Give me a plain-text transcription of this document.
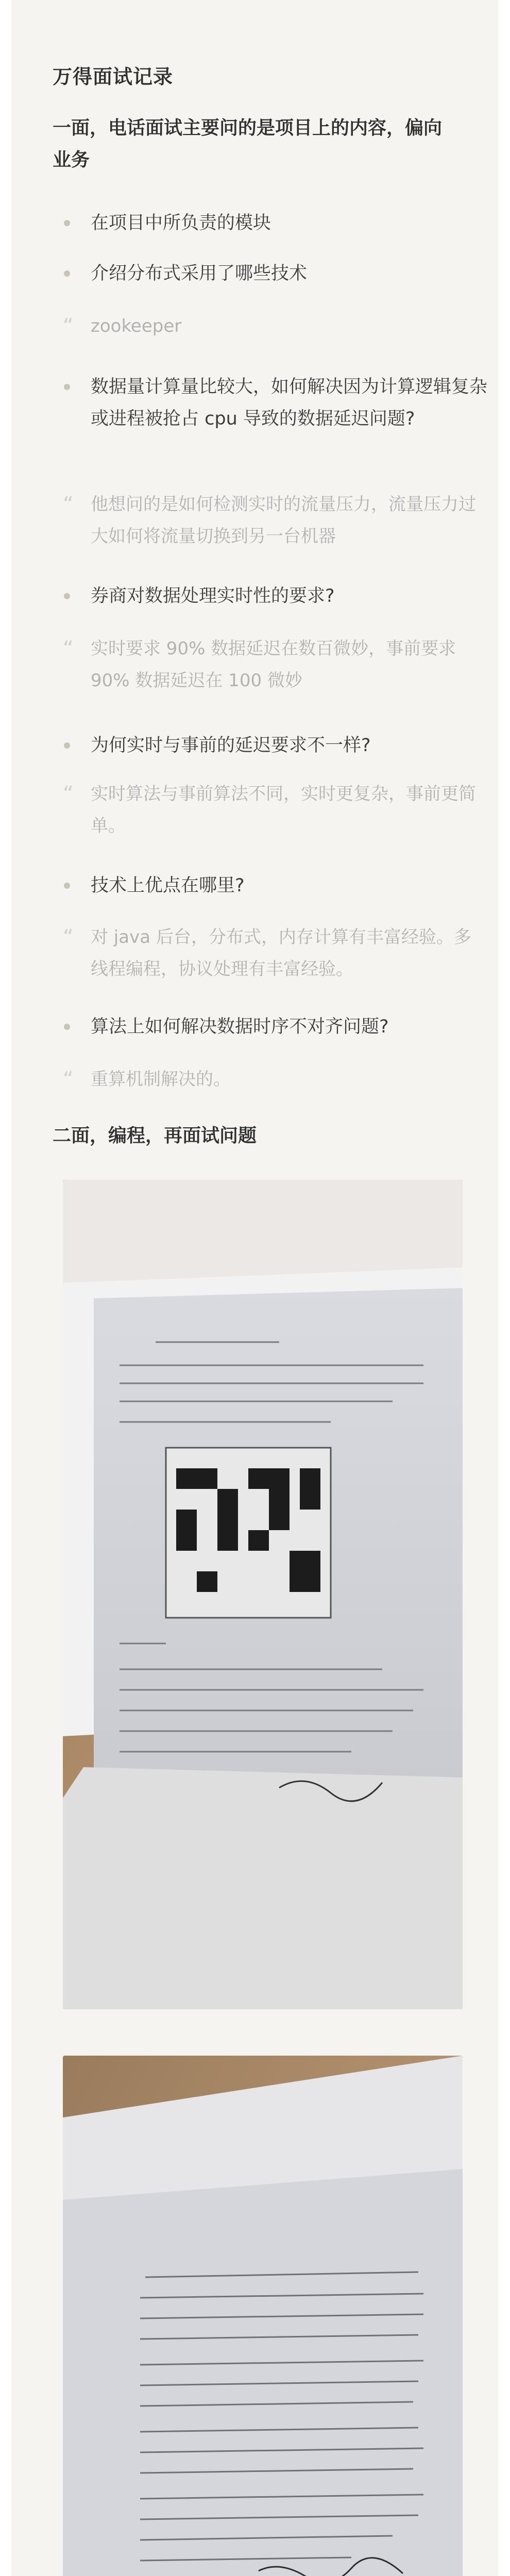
万得面试记录
一面，电话面试主要问的是项目上的内容，偏向
业务
在项目中所负责的模块
介绍分布式采用了哪些技术
“ zookeeper
数据量计算量比较大，如何解决因为计算逻辑复杂或进程被抢占 cpu 导致的数据延迟问题?
“ 他想问的是如何检测实时的流量压力，流量压力过大如何将流量切换到另一台机器
券商对数据处理实时性的要求?
“ 实时要求 90% 数据延迟在数百微妙，事前要求 90% 数据延迟在 100 微妙
为何实时与事前的延迟要求不一样?
“ 实时算法与事前算法不同，实时更复杂，事前更简单。
技术上优点在哪里?
“ 对 java 后台，分布式，内存计算有丰富经验。多线程编程，协议处理有丰富经验。
算法上如何解决数据时序不对齐问题?
“ 重算机制解决的。
二面，编程，再面试问题
